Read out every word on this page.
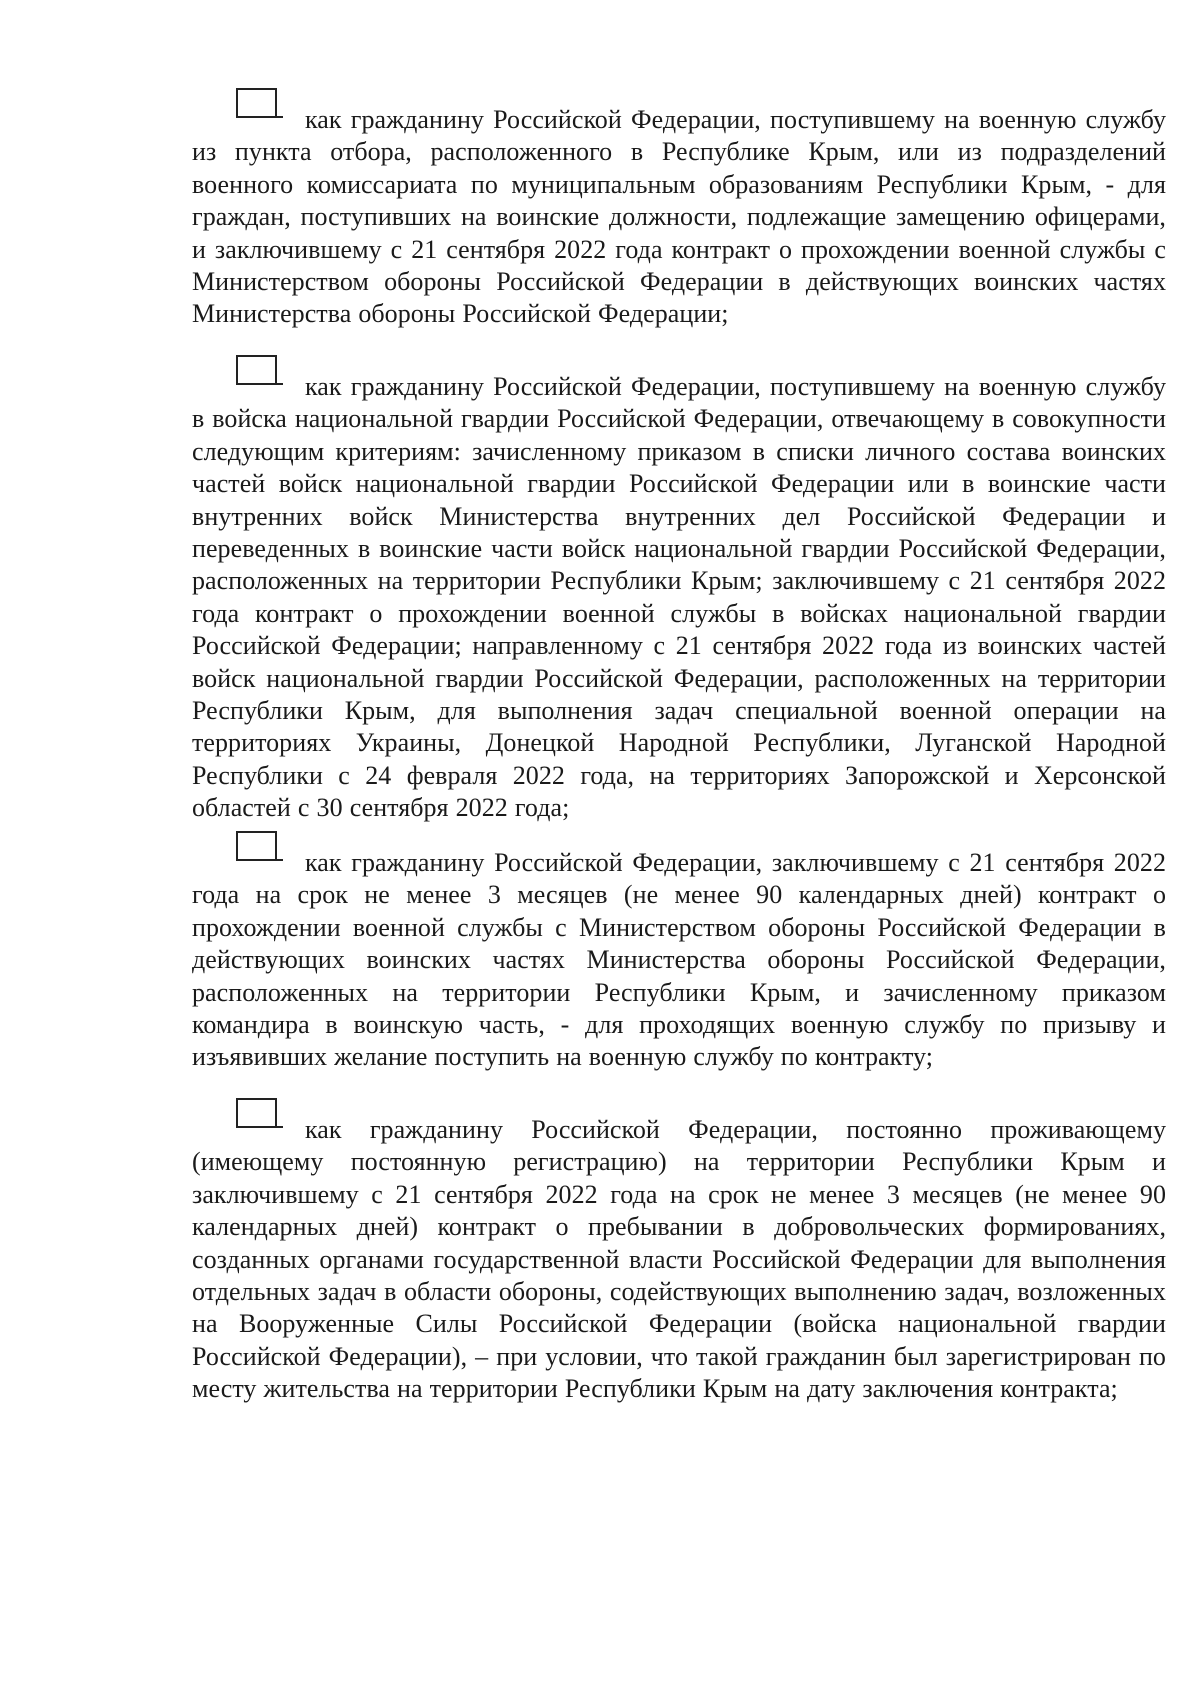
как гражданину Российской Федерации, поступившему на военную службу из пункта отбора, расположенного в Республике Крым, или из подразделений военного комиссариата по муниципальным образованиям Республики Крым, - для граждан, поступивших на воинские должности, подлежащие замещению офицерами, и заключившему с 21 сентября 2022 года контракт о прохождении военной службы с Министерством обороны Российской Федерации в действующих воинских частях Министерства обороны Российской Федерации;

как гражданину Российской Федерации, поступившему на военную службу в войска национальной гвардии Российской Федерации, отвечающему в совокупности следующим критериям: зачисленному приказом в списки личного состава воинских частей войск национальной гвардии Российской Федерации или в воинские части внутренних войск Министерства внутренних дел Российской Федерации и переведенных в воинские части войск национальной гвардии Российской Федерации, расположенных на территории Республики Крым; заключившему с 21 сентября 2022 года контракт о прохождении военной службы в войсках национальной гвардии Российской Федерации; направленному с 21 сентября 2022 года из воинских частей войск национальной гвардии Российской Федерации, расположенных на территории Республики Крым, для выполнения задач специальной военной операции на территориях Украины, Донецкой Народной Республики, Луганской Народной Республики с 24 февраля 2022 года, на территориях Запорожской и Херсонской областей с 30 сентября 2022 года;

как гражданину Российской Федерации, заключившему с 21 сентября 2022 года на срок не менее 3 месяцев (не менее 90 календарных дней) контракт о прохождении военной службы с Министерством обороны Российской Федерации в действующих воинских частях Министерства обороны Российской Федерации, расположенных на территории Республики Крым, и зачисленному приказом командира в воинскую часть, - для проходящих военную службу по призыву и изъявивших желание поступить на военную службу по контракту;

как гражданину Российской Федерации, постоянно проживающему (имеющему постоянную регистрацию) на территории Республики Крым и заключившему с 21 сентября 2022 года на срок не менее 3 месяцев (не менее 90 календарных дней) контракт о пребывании в добровольческих формированиях, созданных органами государственной власти Российской Федерации для выполнения отдельных задач в области обороны, содействующих выполнению задач, возложенных на Вооруженные Силы Российской Федерации (войска национальной гвардии Российской Федерации), – при условии, что такой гражданин был зарегистрирован по месту жительства на территории Республики Крым на дату заключения контракта;
